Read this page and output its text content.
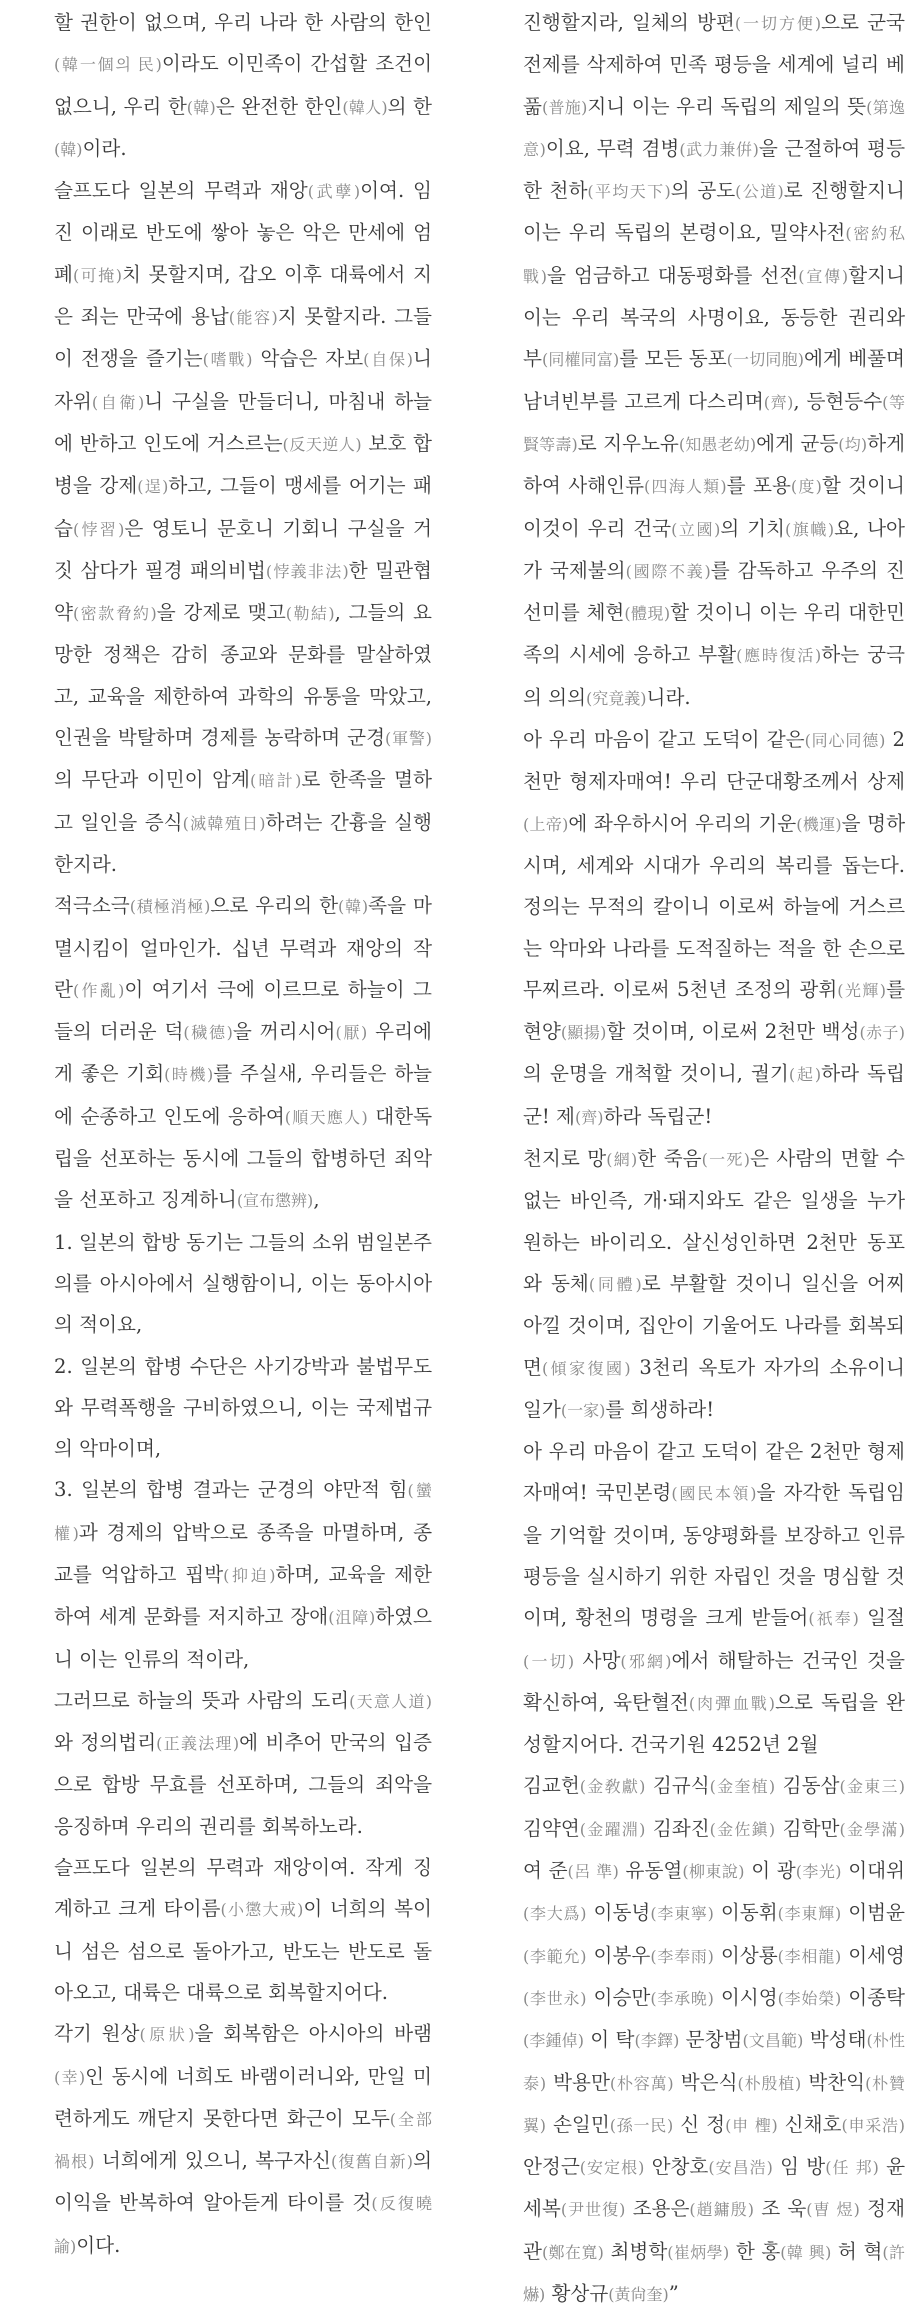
할 권한이 없으며, 우리 나라 한 사람의 한인(韓一個의 民)이라도 이민족이 간섭할 조건이 없으니, 우리 한(韓)은 완전한 한인(韓人)의 한(韓)이라.

슬프도다 일본의 무력과 재앙(武孽)이여. 임진 이래로 반도에 쌓아 놓은 악은 만세에 엄폐(可掩)치 못할지며, 갑오 이후 대륙에서 지은 죄는 만국에 용납(能容)지 못할지라. 그들이 전쟁을 즐기는(嗜戰) 악습은 자보(自保)니 자위(自衛)니 구실을 만들더니, 마침내 하늘에 반하고 인도에 거스르는(反天逆人) 보호 합병을 강제(逞)하고, 그들이 맹세를 어기는 패습(悖習)은 영토니 문호니 기회니 구실을 거짓 삼다가 필경 패의비법(悖義非法)한 밀관협약(密款脅約)을 강제로 맺고(勒結), 그들의 요망한 정책은 감히 종교와 문화를 말살하였고, 교육을 제한하여 과학의 유통을 막았고, 인권을 박탈하며 경제를 농락하며 군경(軍警)의 무단과 이민이 암계(暗計)로 한족을 멸하고 일인을 증식(滅韓殖日)하려는 간흉을 실행한지라.

적극소극(積極消極)으로 우리의 한(韓)족을 마멸시킴이 얼마인가. 십년 무력과 재앙의 작란(作亂)이 여기서 극에 이르므로 하늘이 그들의 더러운 덕(穢德)을 꺼리시어(厭) 우리에게 좋은 기회(時機)를 주실새, 우리들은 하늘에 순종하고 인도에 응하여(順天應人) 대한독립을 선포하는 동시에 그들의 합병하던 죄악을 선포하고 징계하니(宣布懲辨),

1. 일본의 합방 동기는 그들의 소위 범일본주의를 아시아에서 실행함이니, 이는 동아시아의 적이요,

2. 일본의 합병 수단은 사기강박과 불법무도와 무력폭행을 구비하였으니, 이는 국제법규의 악마이며,

3. 일본의 합병 결과는 군경의 야만적 힘(蠻權)과 경제의 압박으로 종족을 마멸하며, 종교를 억압하고 핍박(抑迫)하며, 교육을 제한하여 세계 문화를 저지하고 장애(沮障)하였으니 이는 인류의 적이라,

그러므로 하늘의 뜻과 사람의 도리(天意人道)와 정의법리(正義法理)에 비추어 만국의 입증으로 합방 무효를 선포하며, 그들의 죄악을 응징하며 우리의 권리를 회복하노라.

슬프도다 일본의 무력과 재앙이여. 작게 징계하고 크게 타이름(小懲大戒)이 너희의 복이니 섬은 섬으로 돌아가고, 반도는 반도로 돌아오고, 대륙은 대륙으로 회복할지어다.

각기 원상(原狀)을 회복함은 아시아의 바램(幸)인 동시에 너희도 바램이러니와, 만일 미련하게도 깨닫지 못한다면 화근이 모두(全部禍根) 너희에게 있으니, 복구자신(復舊自新)의 이익을 반복하여 알아듣게 타이를 것(反復曉諭)이다.

진행할지라, 일체의 방편(一切方便)으로 군국전제를 삭제하여 민족 평등을 세계에 널리 베풂(普施)지니 이는 우리 독립의 제일의 뜻(第逸意)이요, 무력 겸병(武力兼倂)을 근절하여 평등한 천하(平均天下)의 공도(公道)로 진행할지니 이는 우리 독립의 본령이요, 밀약사전(密約私戰)을 엄금하고 대동평화를 선전(宣傳)할지니 이는 우리 복국의 사명이요, 동등한 권리와 부(同權同富)를 모든 동포(一切同胞)에게 베풀며 남녀빈부를 고르게 다스리며(齊), 등현등수(等賢等壽)로 지우노유(知愚老幼)에게 균등(均)하게 하여 사해인류(四海人類)를 포용(度)할 것이니 이것이 우리 건국(立國)의 기치(旗幟)요, 나아가 국제불의(國際不義)를 감독하고 우주의 진선미를 체현(體現)할 것이니 이는 우리 대한민족의 시세에 응하고 부활(應時復活)하는 궁극의 의의(究竟義)니라.

아 우리 마음이 같고 도덕이 같은(同心同德) 2천만 형제자매여! 우리 단군대황조께서 상제(上帝)에 좌우하시어 우리의 기운(機運)을 명하시며, 세계와 시대가 우리의 복리를 돕는다. 정의는 무적의 칼이니 이로써 하늘에 거스르는 악마와 나라를 도적질하는 적을 한 손으로 무찌르라. 이로써 5천년 조정의 광휘(光輝)를 현양(顯揚)할 것이며, 이로써 2천만 백성(赤子)의 운명을 개척할 것이니, 궐기(起)하라 독립군! 제(齊)하라 독립군!

천지로 망(網)한 죽음(一死)은 사람의 면할 수 없는 바인즉, 개·돼지와도 같은 일생을 누가 원하는 바이리오. 살신성인하면 2천만 동포와 동체(同體)로 부활할 것이니 일신을 어찌 아낄 것이며, 집안이 기울어도 나라를 회복되면(傾家復國) 3천리 옥토가 자가의 소유이니 일가(一家)를 희생하라!

아 우리 마음이 같고 도덕이 같은 2천만 형제자매여! 국민본령(國民本領)을 자각한 독립임을 기억할 것이며, 동양평화를 보장하고 인류평등을 실시하기 위한 자립인 것을 명심할 것이며, 황천의 명령을 크게 받들어(祇奉) 일절(一切) 사망(邪網)에서 해탈하는 건국인 것을 확신하여, 육탄혈전(肉彈血戰)으로 독립을 완성할지어다. 건국기원 4252년 2월

김교헌(金敎獻) 김규식(金奎植) 김동삼(金東三) 김약연(金躍淵) 김좌진(金佐鎭) 김학만(金學滿) 여 준(呂 準) 유동열(柳東說) 이 광(李光) 이대위(李大爲) 이동녕(李東寧) 이동휘(李東輝) 이범윤(李範允) 이봉우(李奉雨) 이상룡(李相龍) 이세영(李世永) 이승만(李承晩) 이시영(李始榮) 이종탁(李鍾倬) 이 탁(李鐸) 문창범(文昌範) 박성태(朴性泰) 박용만(朴容萬) 박은식(朴殷植) 박찬익(朴贊翼) 손일민(孫一民) 신 정(申 檉) 신채호(申采浩) 안정근(安定根) 안창호(安昌浩) 임 방(任 邦) 윤세복(尹世復) 조용은(趙鏞殷) 조 욱(曺 煜) 정재관(鄭在寬) 최병학(崔炳學) 한 홍(韓 興) 허 혁(許 爀) 황상규(黃尙奎)”
